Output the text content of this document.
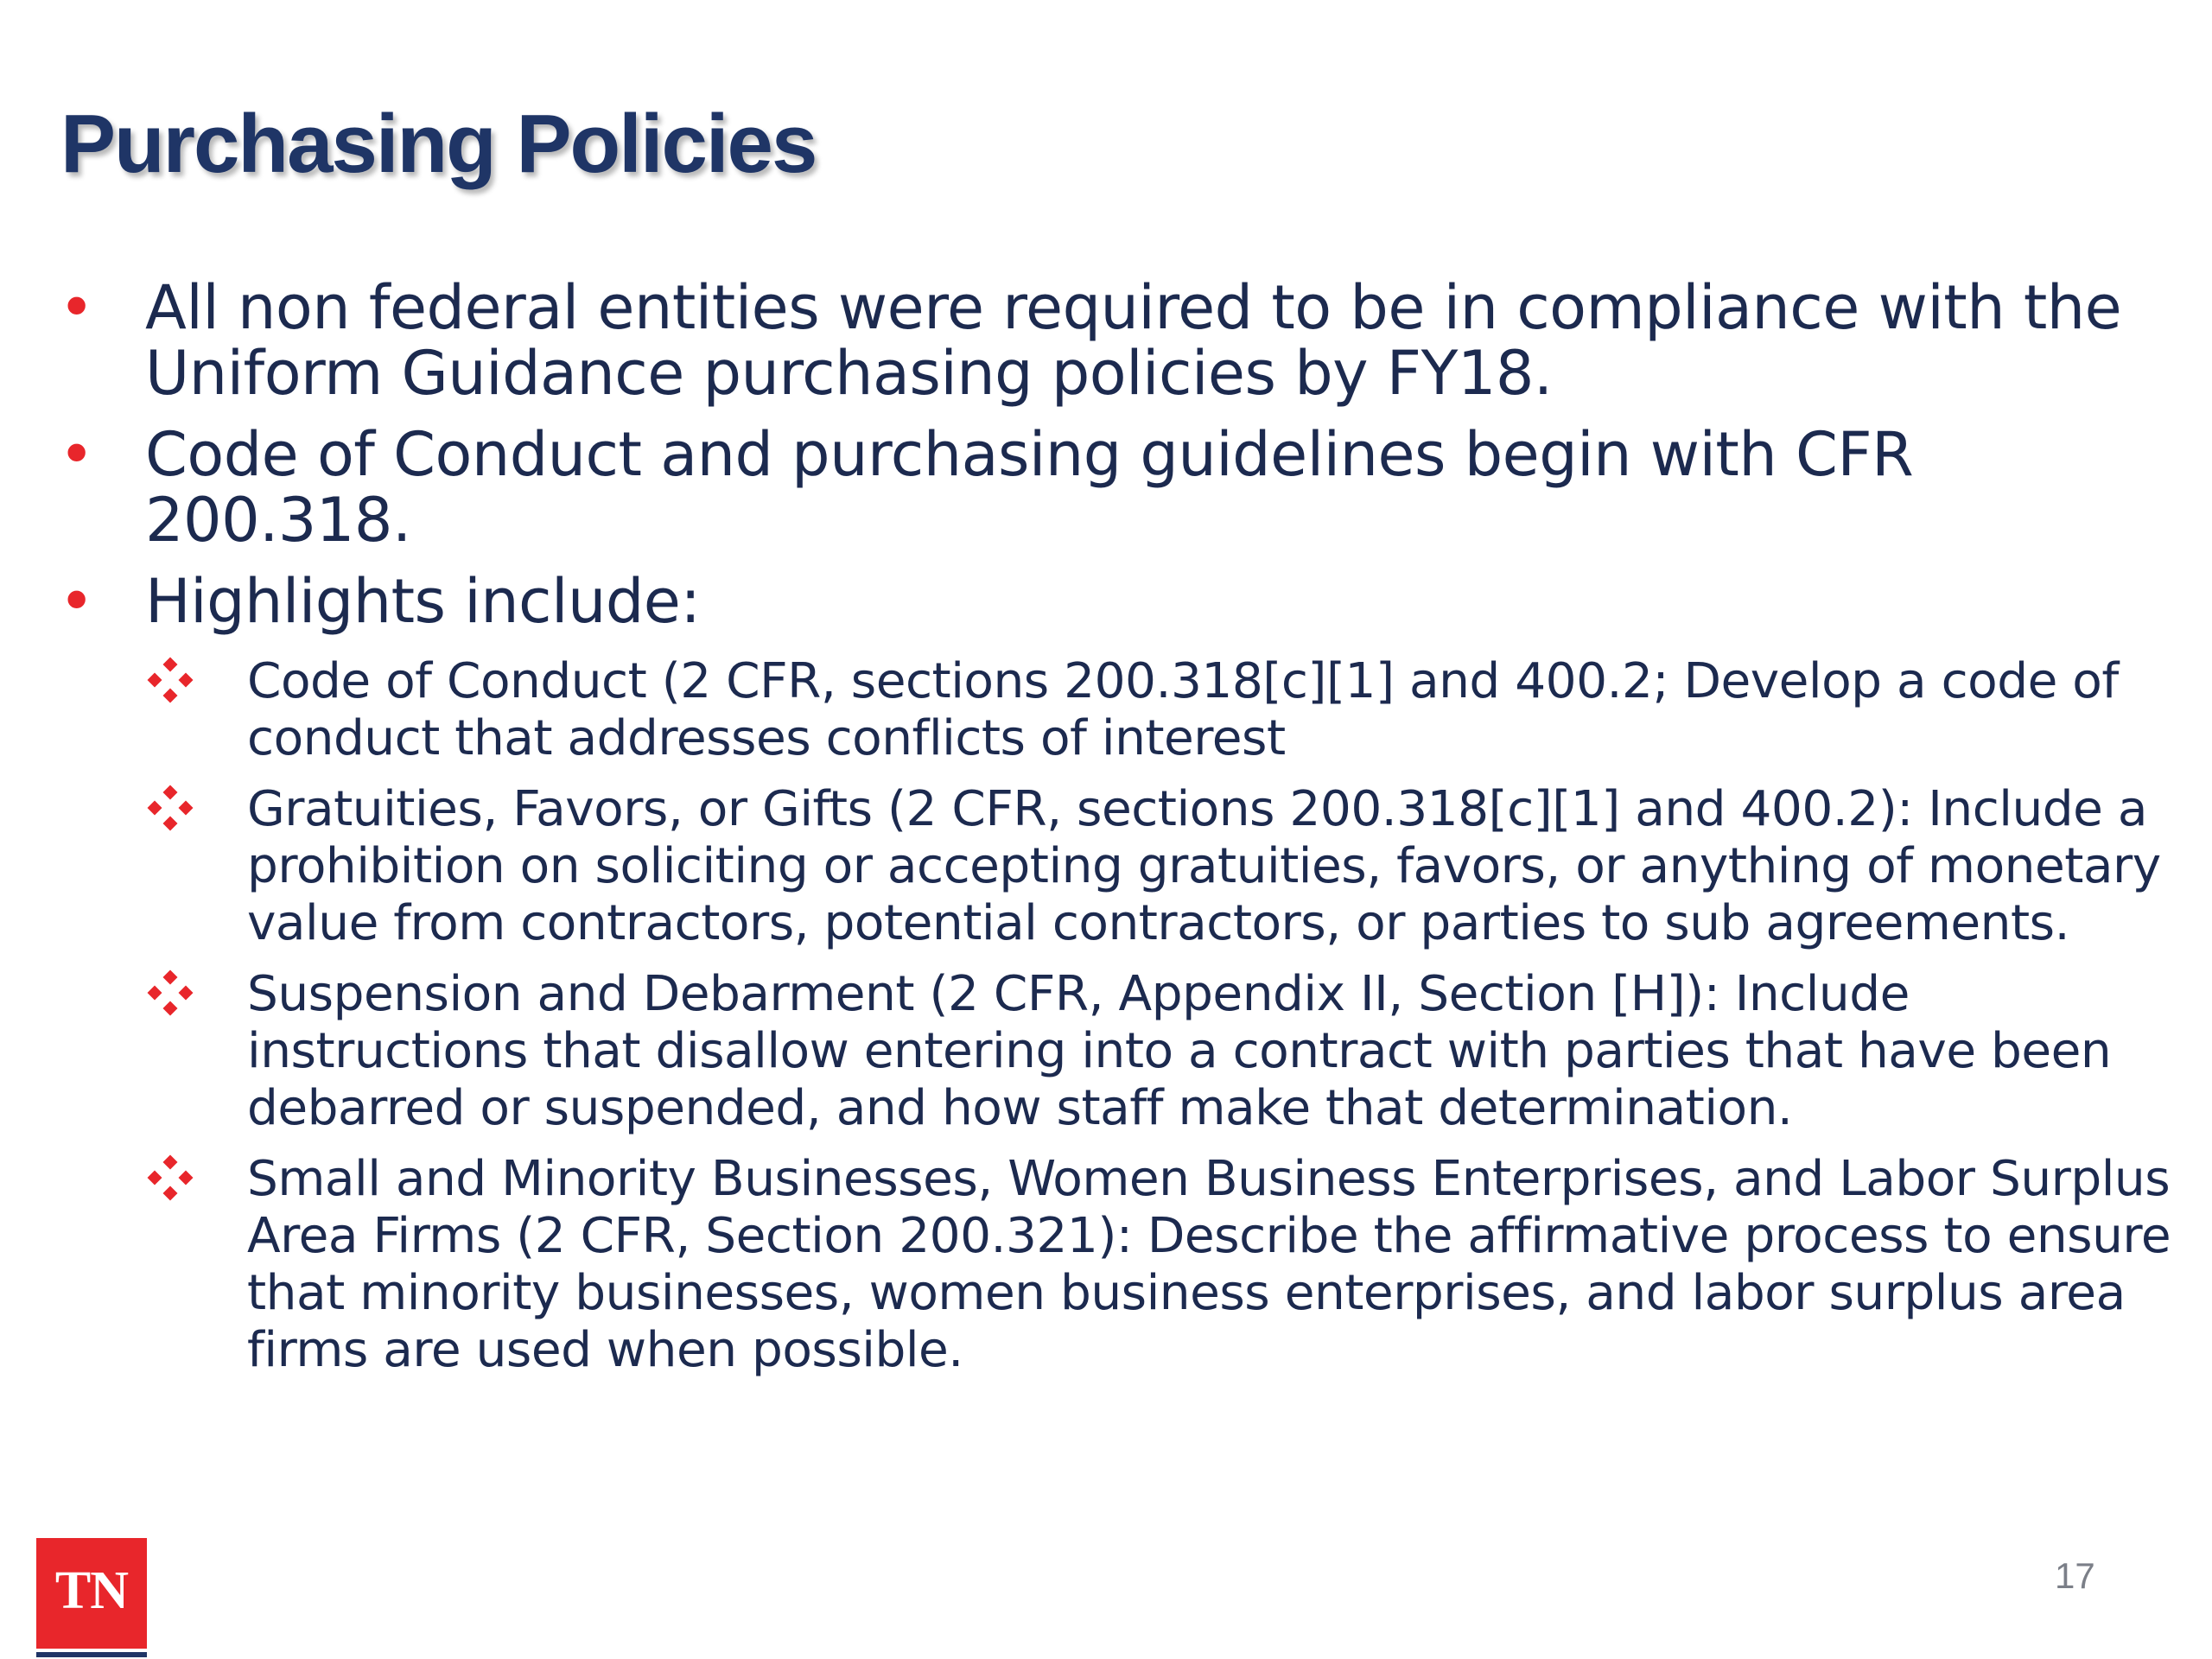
Purchasing Policies
• All non federal entities were required to be in compliance with the Uniform Guidance purchasing policies by FY18.
• Code of Conduct and purchasing guidelines begin with CFR 200.318.
• Highlights include:
Code of Conduct (2 CFR, sections 200.318[c][1] and 400.2; Develop a code of conduct that addresses conflicts of interest
Gratuities, Favors, or Gifts (2 CFR, sections 200.318[c][1] and 400.2): Include a prohibition on soliciting or accepting gratuities, favors, or anything of monetary value from contractors, potential contractors, or parties to sub agreements.
Suspension and Debarment (2 CFR, Appendix II, Section [H]): Include instructions that disallow entering into a contract with parties that have been debarred or suspended, and how staff make that determination.
Small and Minority Businesses, Women Business Enterprises, and Labor Surplus Area Firms (2 CFR, Section 200.321): Describe the affirmative process to ensure that minority businesses, women business enterprises, and labor surplus area firms are used when possible.
17
TN
